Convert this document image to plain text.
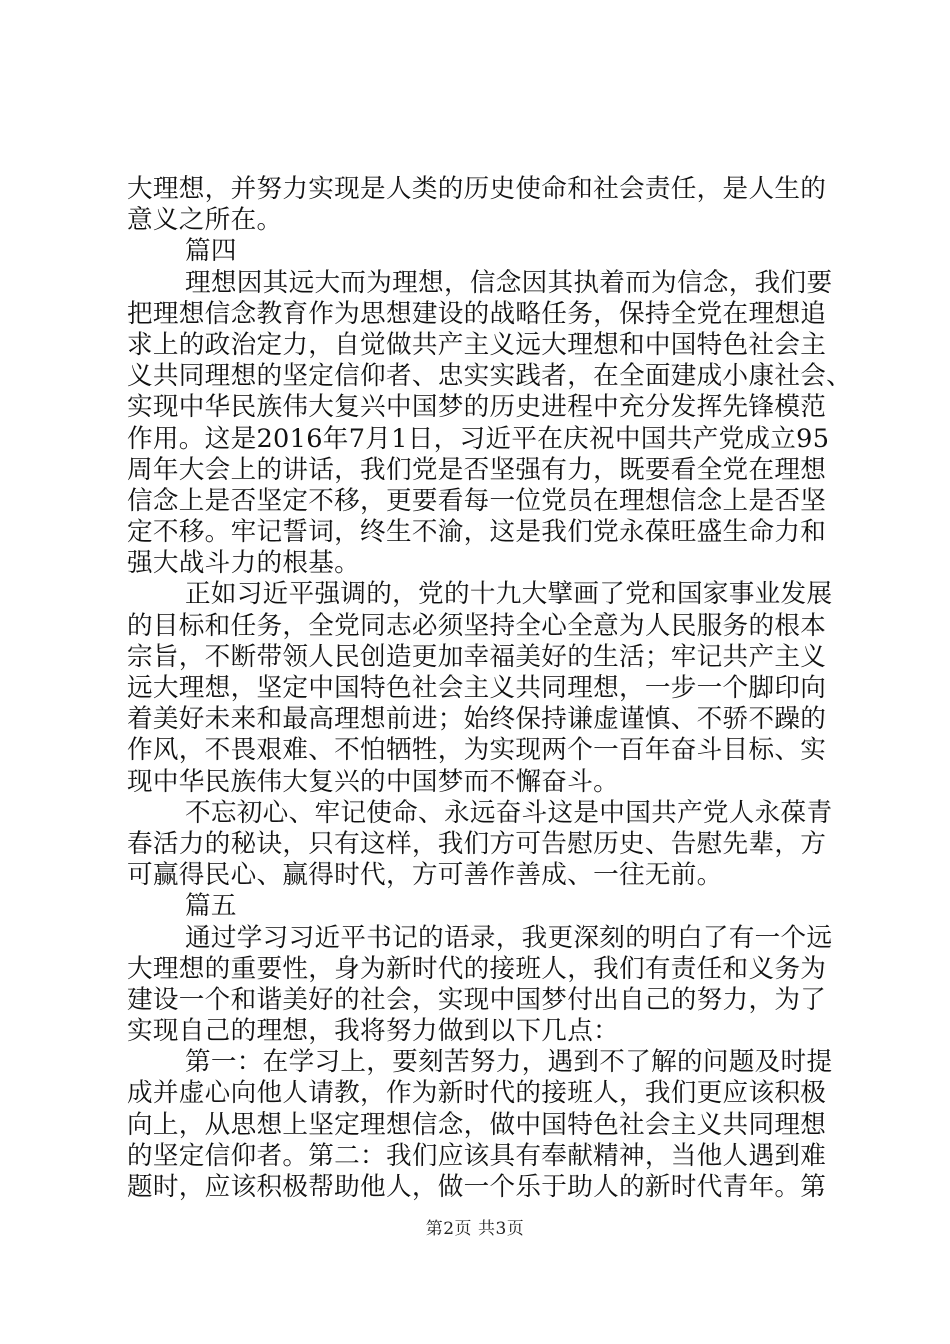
大理想，并努力实现是人类的历史使命和社会责任，是人生的
意义之所在。
篇四
理想因其远大而为理想，信念因其执着而为信念，我们要
把理想信念教育作为思想建设的战略任务，保持全党在理想追
求上的政治定力，自觉做共产主义远大理想和中国特色社会主
义共同理想的坚定信仰者、忠实实践者，在全面建成小康社会、
实现中华民族伟大复兴中国梦的历史进程中充分发挥先锋模范
作用。这是2016年7月1日，习近平在庆祝中国共产党成立95
周年大会上的讲话，我们党是否坚强有力，既要看全党在理想
信念上是否坚定不移，更要看每一位党员在理想信念上是否坚
定不移。牢记誓词，终生不渝，这是我们党永葆旺盛生命力和
强大战斗力的根基。
正如习近平强调的，党的十九大擘画了党和国家事业发展
的目标和任务，全党同志必须坚持全心全意为人民服务的根本
宗旨，不断带领人民创造更加幸福美好的生活；牢记共产主义
远大理想，坚定中国特色社会主义共同理想，一步一个脚印向
着美好未来和最高理想前进；始终保持谦虚谨慎、不骄不躁的
作风，不畏艰难、不怕牺牲，为实现两个一百年奋斗目标、实
现中华民族伟大复兴的中国梦而不懈奋斗。
不忘初心、牢记使命、永远奋斗这是中国共产党人永葆青
春活力的秘诀，只有这样，我们方可告慰历史、告慰先辈，方
可赢得民心、赢得时代，方可善作善成、一往无前。
篇五
通过学习习近平书记的语录，我更深刻的明白了有一个远
大理想的重要性，身为新时代的接班人，我们有责任和义务为
建设一个和谐美好的社会，实现中国梦付出自己的努力，为了
实现自己的理想，我将努力做到以下几点：
第一：在学习上，要刻苦努力，遇到不了解的问题及时提
成并虚心向他人请教，作为新时代的接班人，我们更应该积极
向上，从思想上坚定理想信念，做中国特色社会主义共同理想
的坚定信仰者。第二：我们应该具有奉献精神，当他人遇到难
题时，应该积极帮助他人，做一个乐于助人的新时代青年。第
第2页 共3页
